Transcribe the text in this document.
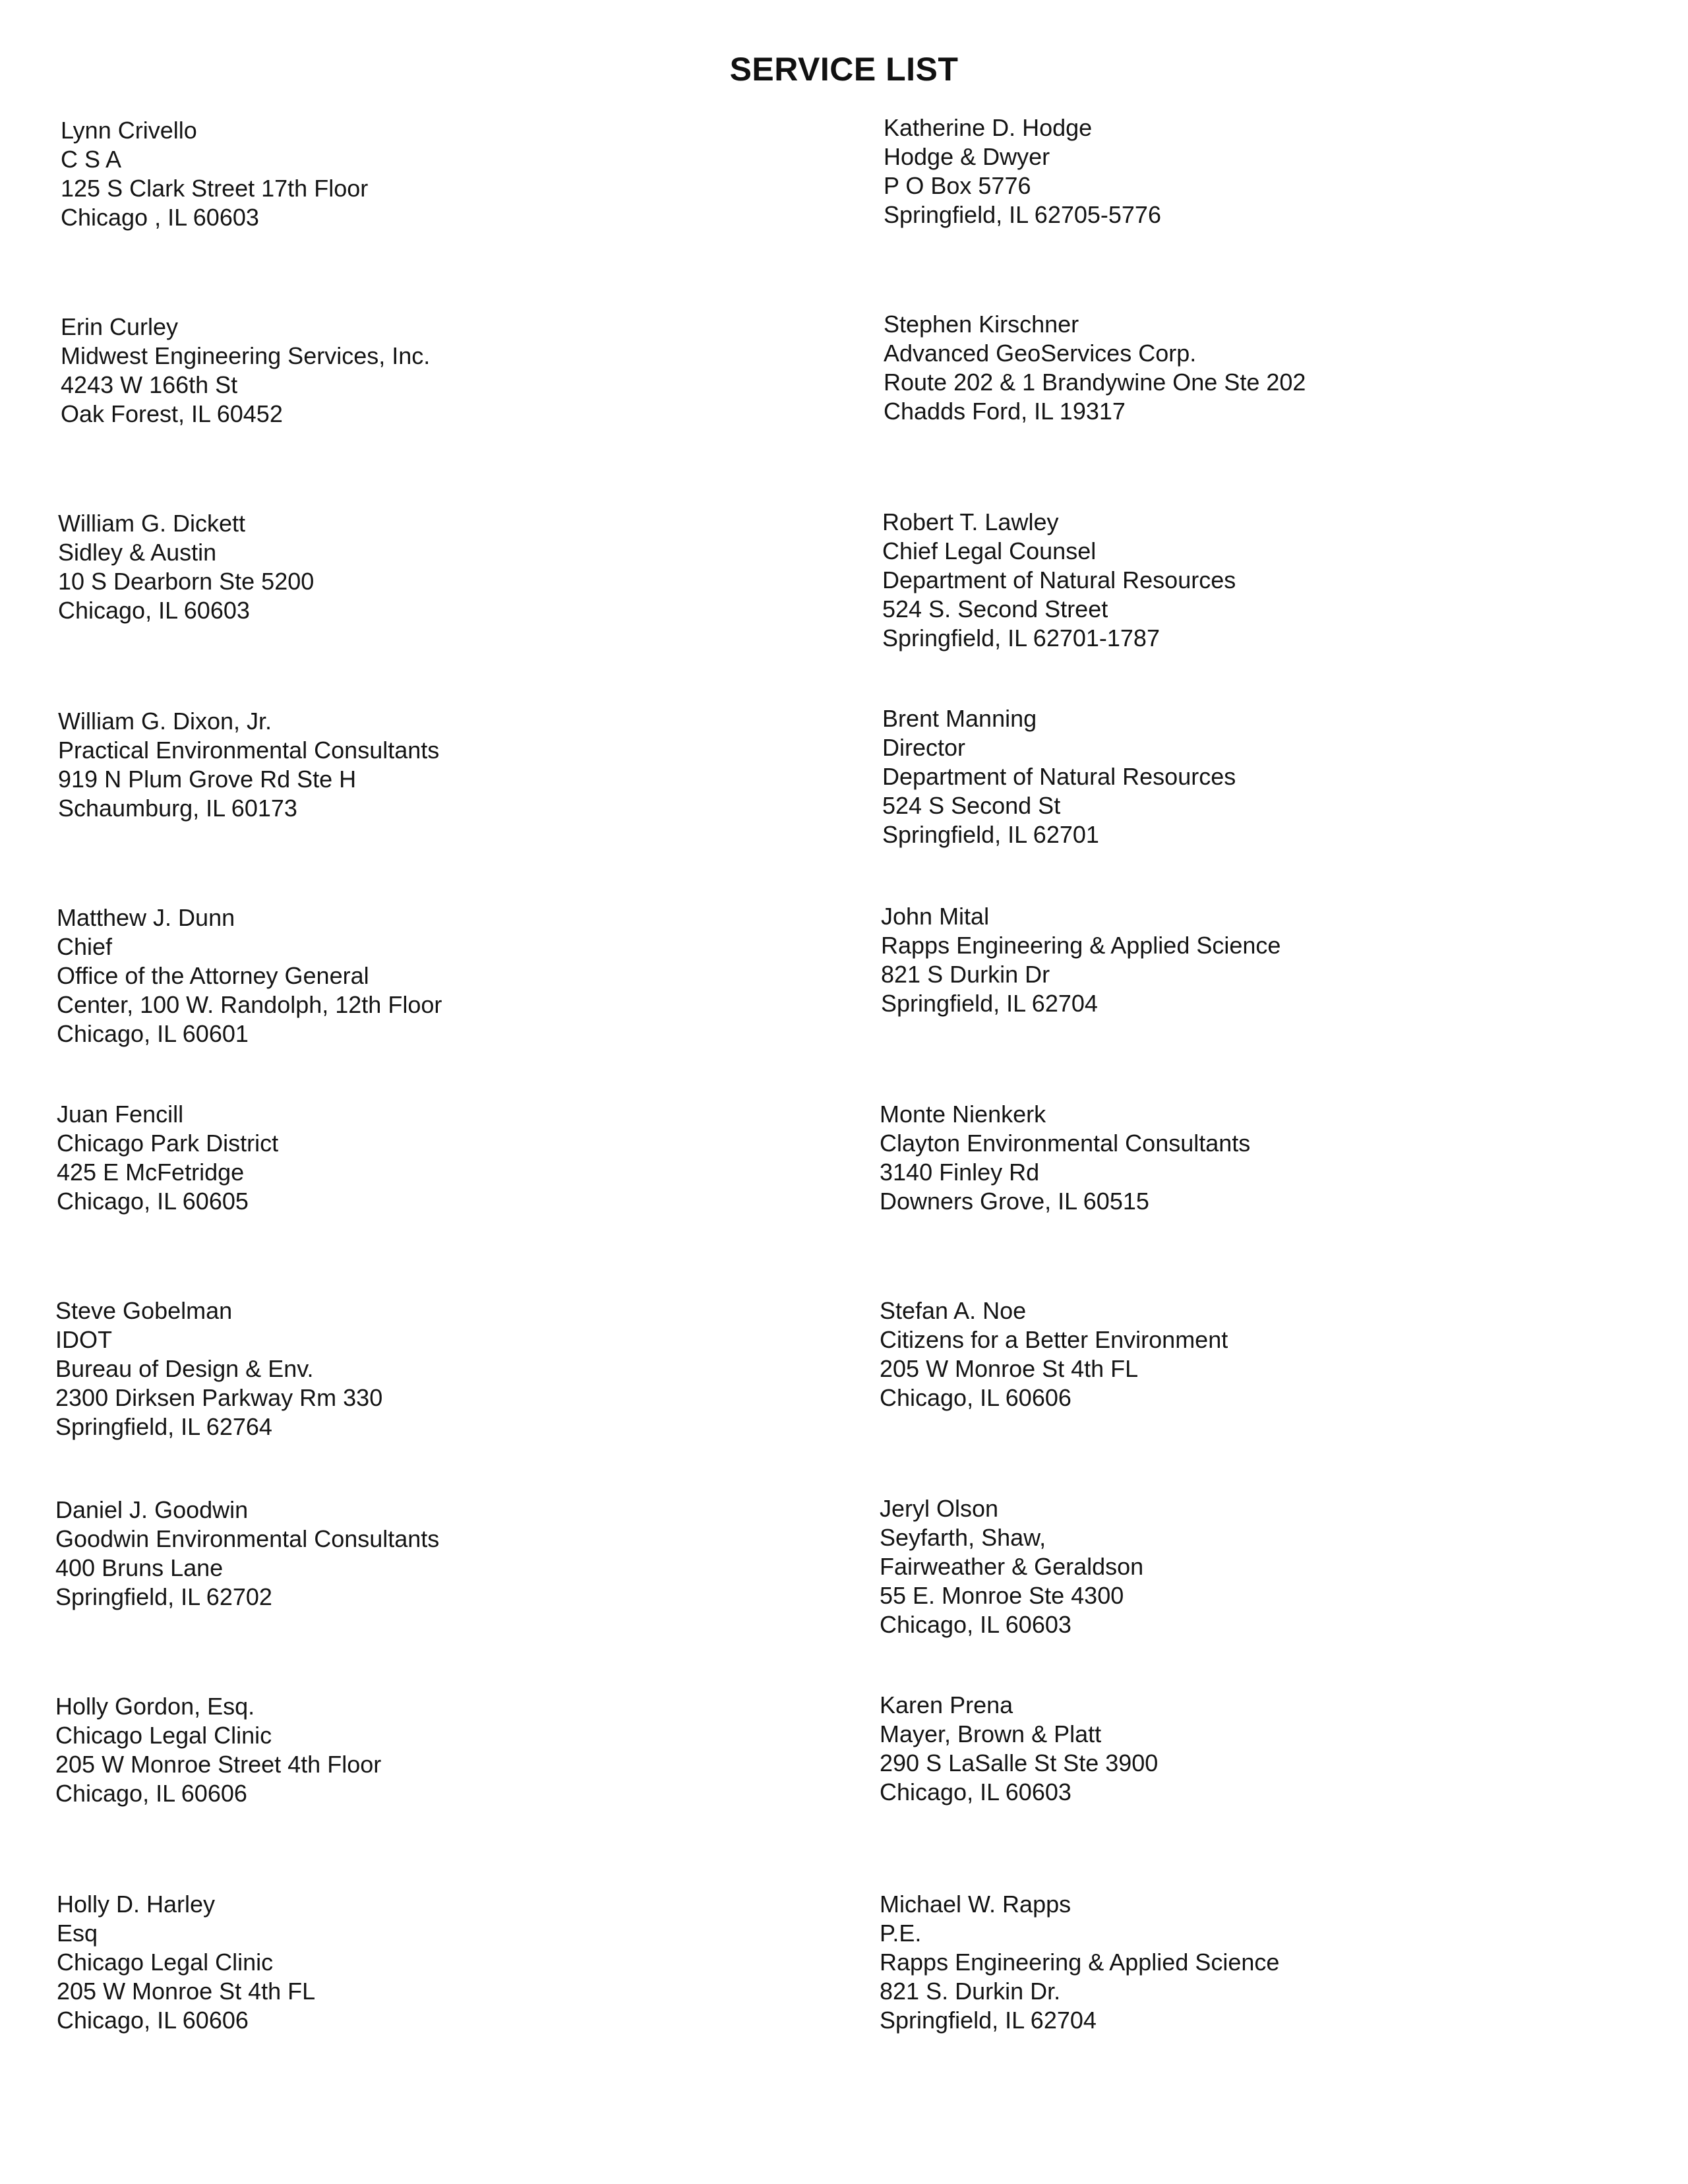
SERVICE LIST
Lynn Crivello
C S A
125 S Clark Street 17th Floor
Chicago , IL 60603
Erin Curley
Midwest Engineering Services, Inc.
4243 W 166th St
Oak Forest, IL 60452
William G. Dickett
Sidley & Austin
10 S Dearborn Ste 5200
Chicago, IL 60603
William G. Dixon, Jr.
Practical Environmental Consultants
919 N Plum Grove Rd Ste H
Schaumburg, IL 60173
Matthew J. Dunn
Chief
Office of the Attorney General
Center, 100 W. Randolph, 12th Floor
Chicago, IL 60601
Juan Fencill
Chicago Park District
425 E McFetridge
Chicago, IL 60605
Steve Gobelman
IDOT
Bureau of Design & Env.
2300 Dirksen Parkway Rm 330
Springfield, IL 62764
Daniel J. Goodwin
Goodwin Environmental Consultants
400 Bruns Lane
Springfield, IL 62702
Holly Gordon, Esq.
Chicago Legal Clinic
205 W Monroe Street 4th Floor
Chicago, IL 60606
Holly D. Harley
Esq
Chicago Legal Clinic
205 W Monroe St 4th FL
Chicago, IL 60606
Katherine D. Hodge
Hodge & Dwyer
P O Box 5776
Springfield, IL 62705-5776
Stephen Kirschner
Advanced GeoServices Corp.
Route 202 & 1 Brandywine One Ste 202
Chadds Ford, IL 19317
Robert T. Lawley
Chief Legal Counsel
Department of Natural Resources
524 S. Second Street
Springfield, IL 62701-1787
Brent Manning
Director
Department of Natural Resources
524 S Second St
Springfield, IL 62701
John Mital
Rapps Engineering & Applied Science
821 S Durkin Dr
Springfield, IL 62704
Monte Nienkerk
Clayton Environmental Consultants
3140 Finley Rd
Downers Grove, IL 60515
Stefan A. Noe
Citizens for a Better Environment
205 W Monroe St 4th FL
Chicago, IL 60606
Jeryl Olson
Seyfarth, Shaw,
Fairweather & Geraldson
55 E. Monroe Ste 4300
Chicago, IL 60603
Karen Prena
Mayer, Brown & Platt
290 S LaSalle St Ste 3900
Chicago, IL 60603
Michael W. Rapps
P.E.
Rapps Engineering & Applied Science
821 S. Durkin Dr.
Springfield, IL 62704
